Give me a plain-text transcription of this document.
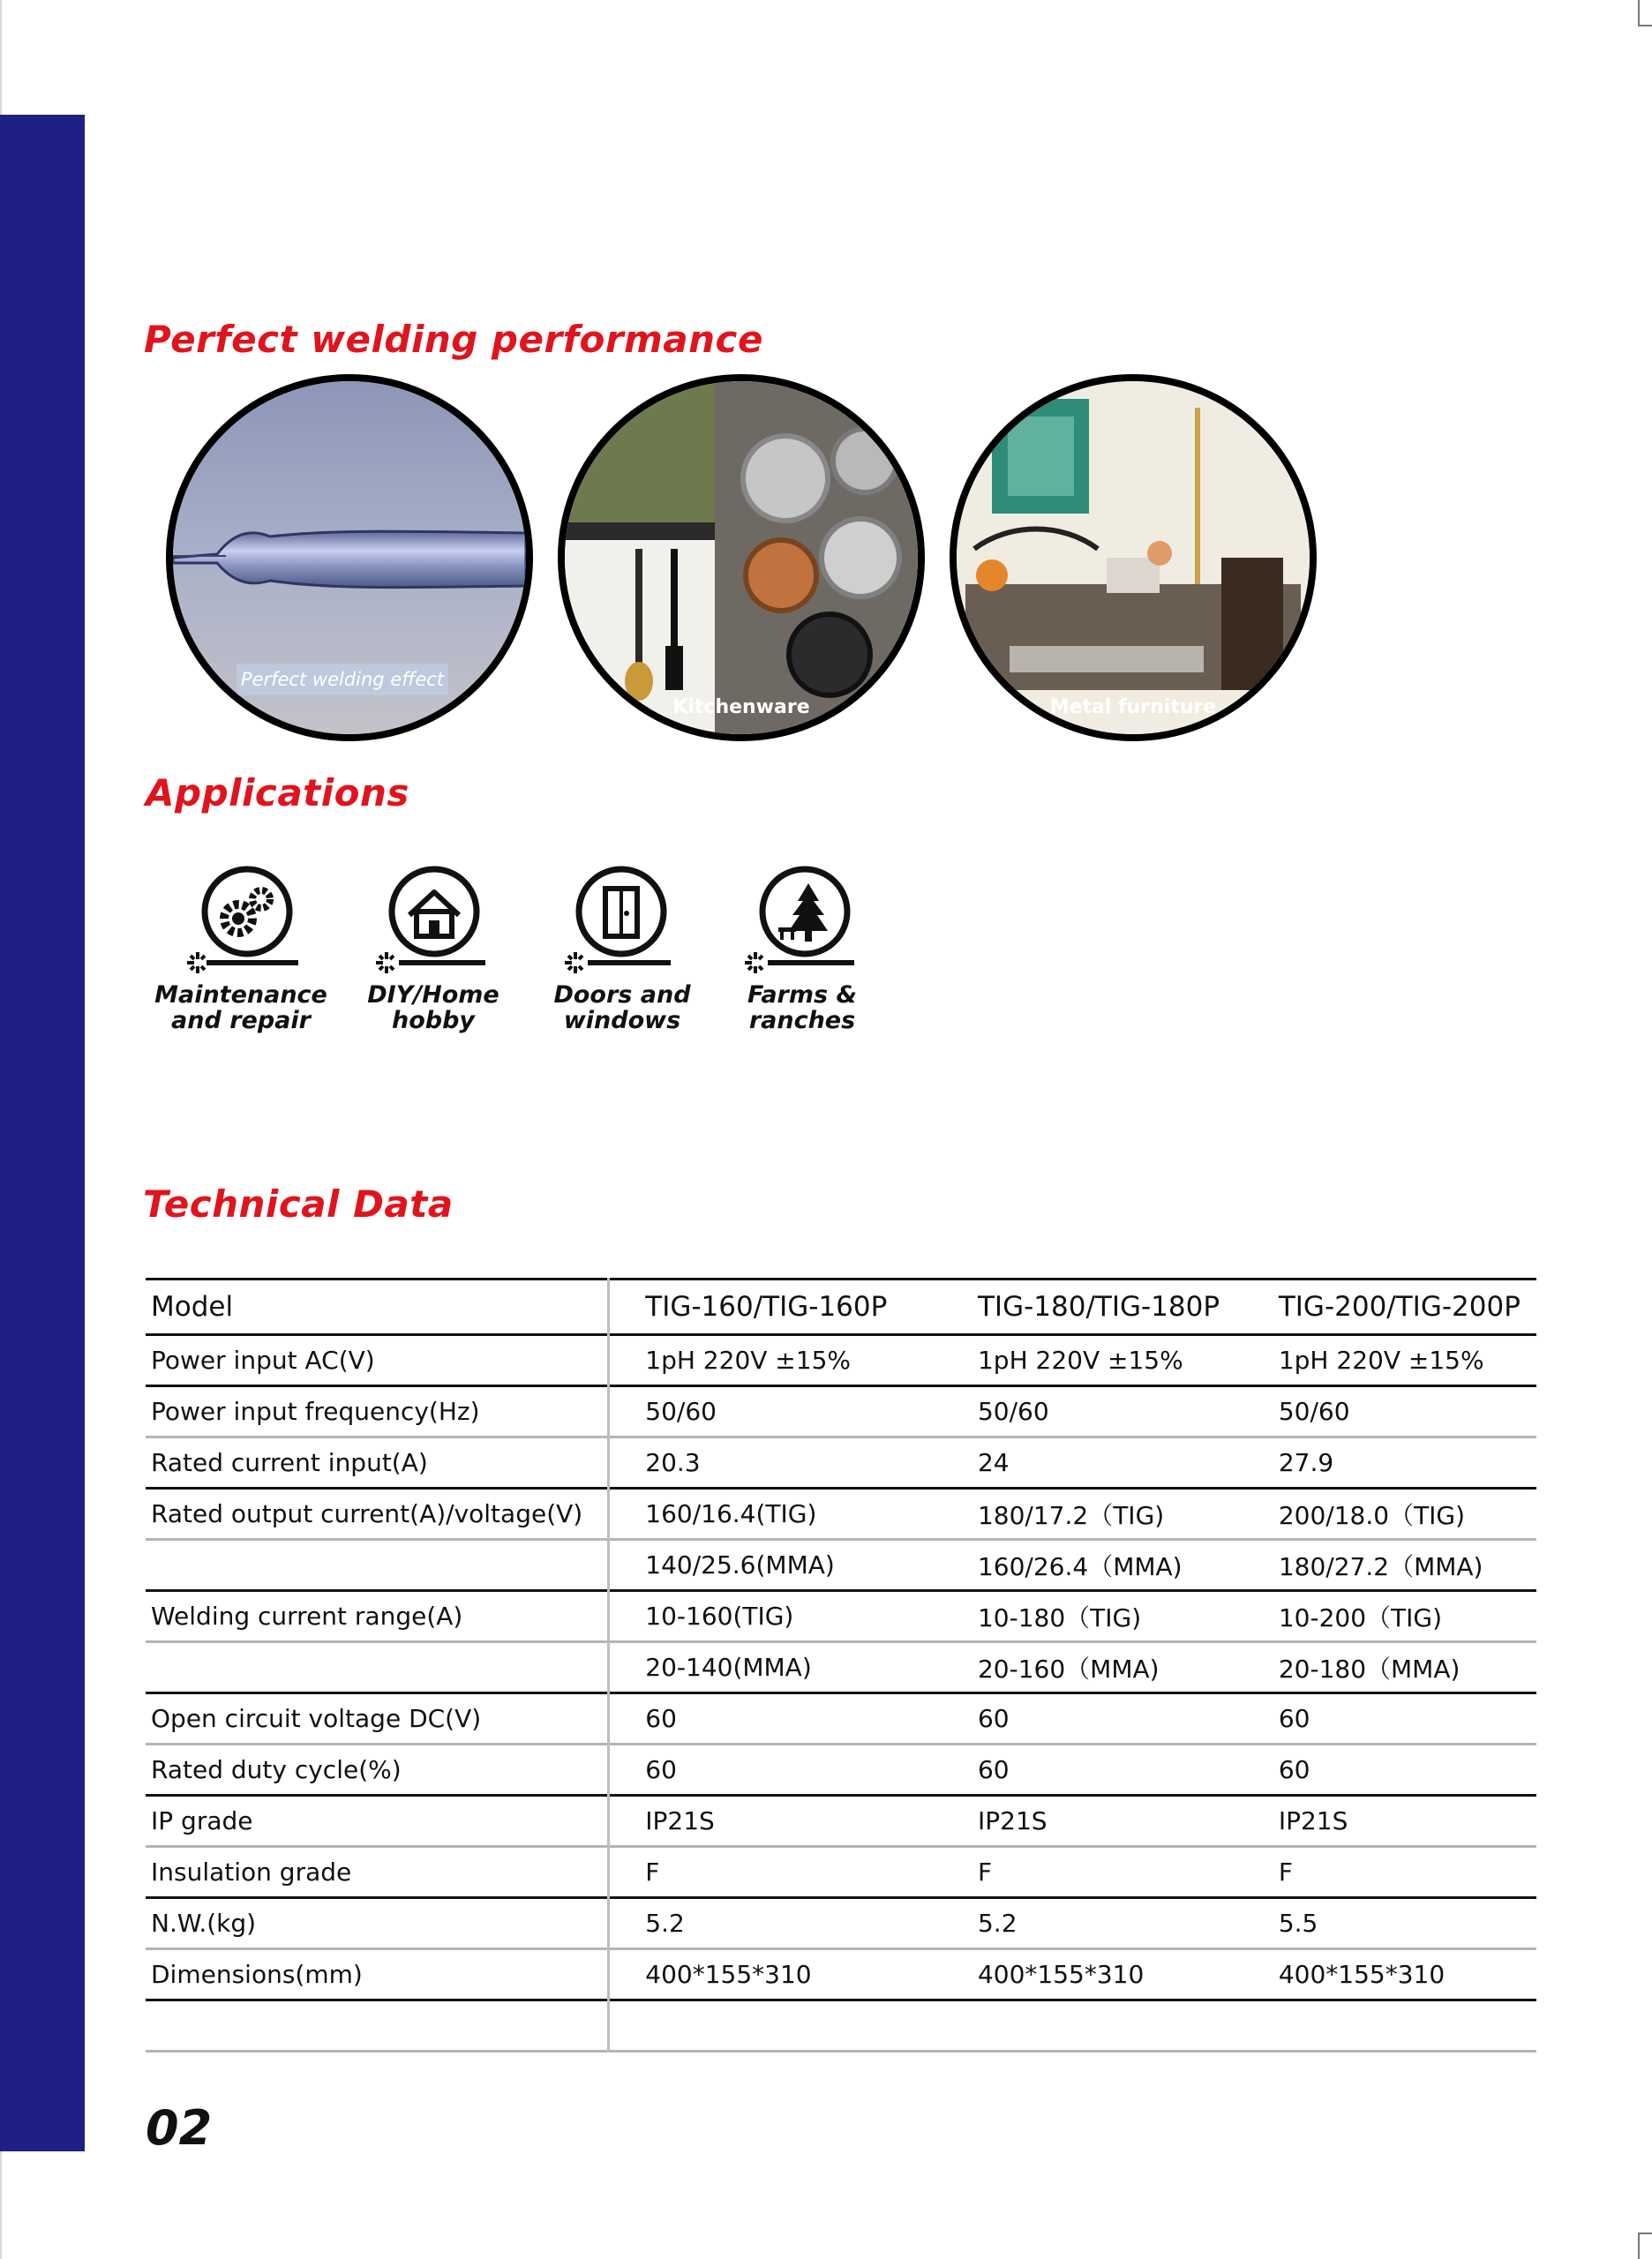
Perfect welding performance
Perfect welding effect
Kitchenware	Metal furniture
Applications

Maintenance
and repair

DIY/Home
hobby

Doors and
windows

Farms &
ranches

Technical Data
Model	TIG-160/TIG-160P	TIG-180/TIG-180P	TIG-200/TIG-200P
Power input AC(V)	1pH 220V ±15%	1pH 220V ±15%	1pH 220V ±15%
Power input frequency(Hz)	50/60	50/60	50/60
Rated current input(A)	20.3	24	27.9
Rated output current(A)/voltage(V)	160/16.4(TIG)	180/17.2（TIG)	200/18.0（TIG)
	140/25.6(MMA)	160/26.4（MMA)	180/27.2（MMA)
Welding current range(A)	10-160(TIG)	10-180（TIG)	10-200（TIG)
	20-140(MMA)	20-160（MMA)	20-180（MMA)
Open circuit voltage DC(V)	60	60	60
Rated duty cycle(%)	60	60	60
IP grade	IP21S	IP21S	IP21S
Insulation grade	F	F	F
N.W.(kg)	5.2	5.2	5.5
Dimensions(mm)	400*155*310	400*155*310	400*155*310

02
